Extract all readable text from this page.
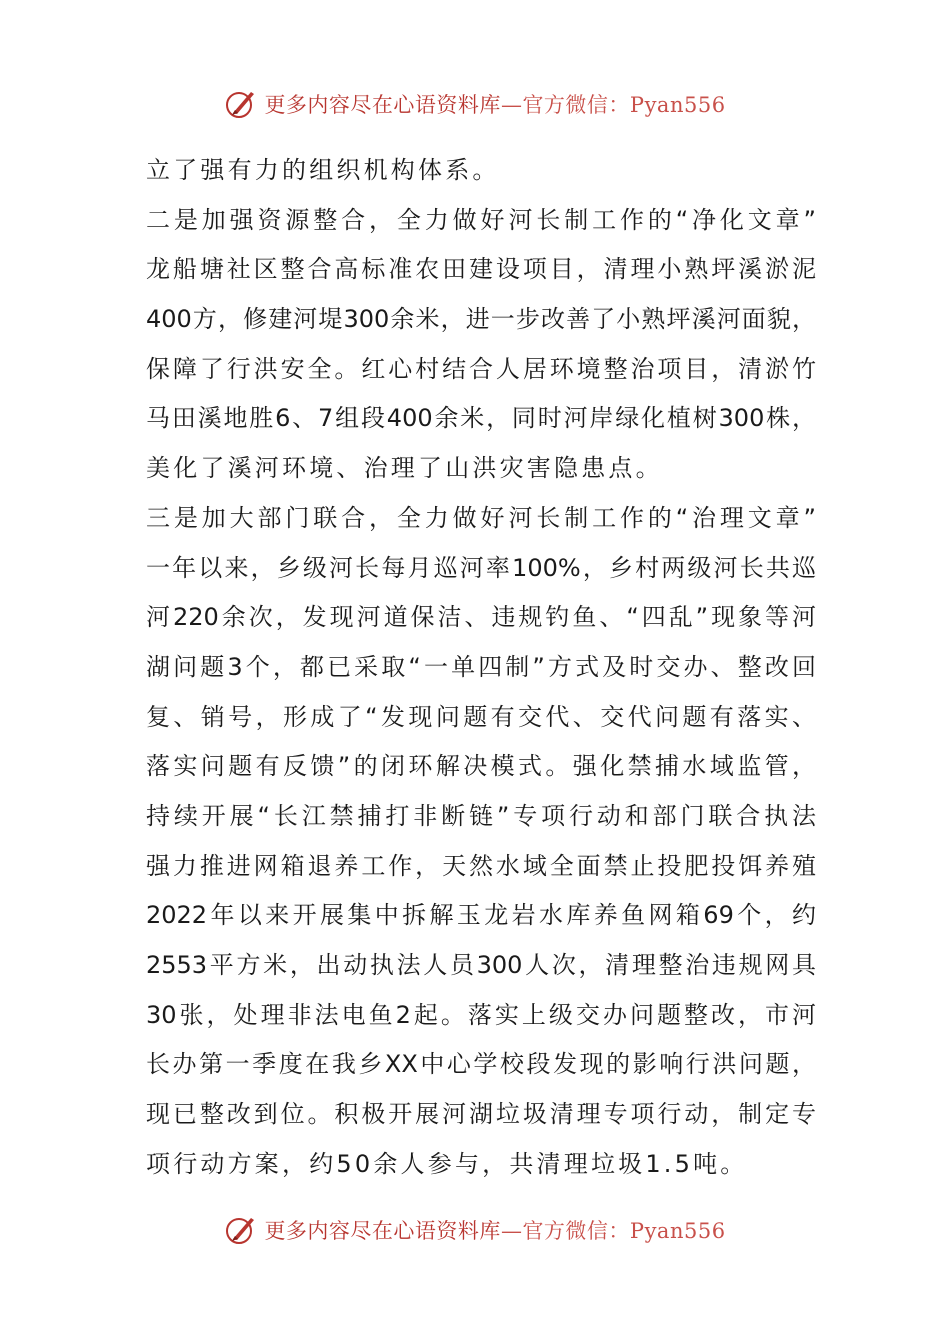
更多内容尽在心语资料库—官方微信：Pyan556
立了强有力的组织机构体系。
二是加强资源整合，全力做好河长制工作的“净化文章”
龙船塘社区整合高标准农田建设项目，清理小熟坪溪淤泥
400方，修建河堤300余米，进一步改善了小熟坪溪河面貌，
保障了行洪安全。红心村结合人居环境整治项目，清淤竹
马田溪地胜6、7组段400余米，同时河岸绿化植树300株，
美化了溪河环境、治理了山洪灾害隐患点。
三是加大部门联合，全力做好河长制工作的“治理文章”
一年以来，乡级河长每月巡河率100%，乡村两级河长共巡
河220余次，发现河道保洁、违规钓鱼、“四乱”现象等河
湖问题3个，都已采取“一单四制”方式及时交办、整改回
复、销号，形成了“发现问题有交代、交代问题有落实、
落实问题有反馈”的闭环解决模式。强化禁捕水域监管，
持续开展“长江禁捕打非断链”专项行动和部门联合执法
强力推进网箱退养工作，天然水域全面禁止投肥投饵养殖
2022年以来开展集中拆解玉龙岩水库养鱼网箱69个，约
2553平方米，出动执法人员300人次，清理整治违规网具
30张，处理非法电鱼2起。落实上级交办问题整改，市河
长办第一季度在我乡XX中心学校段发现的影响行洪问题，
现已整改到位。积极开展河湖垃圾清理专项行动，制定专
项行动方案，约50余人参与，共清理垃圾1.5吨。
更多内容尽在心语资料库—官方微信：Pyan556
